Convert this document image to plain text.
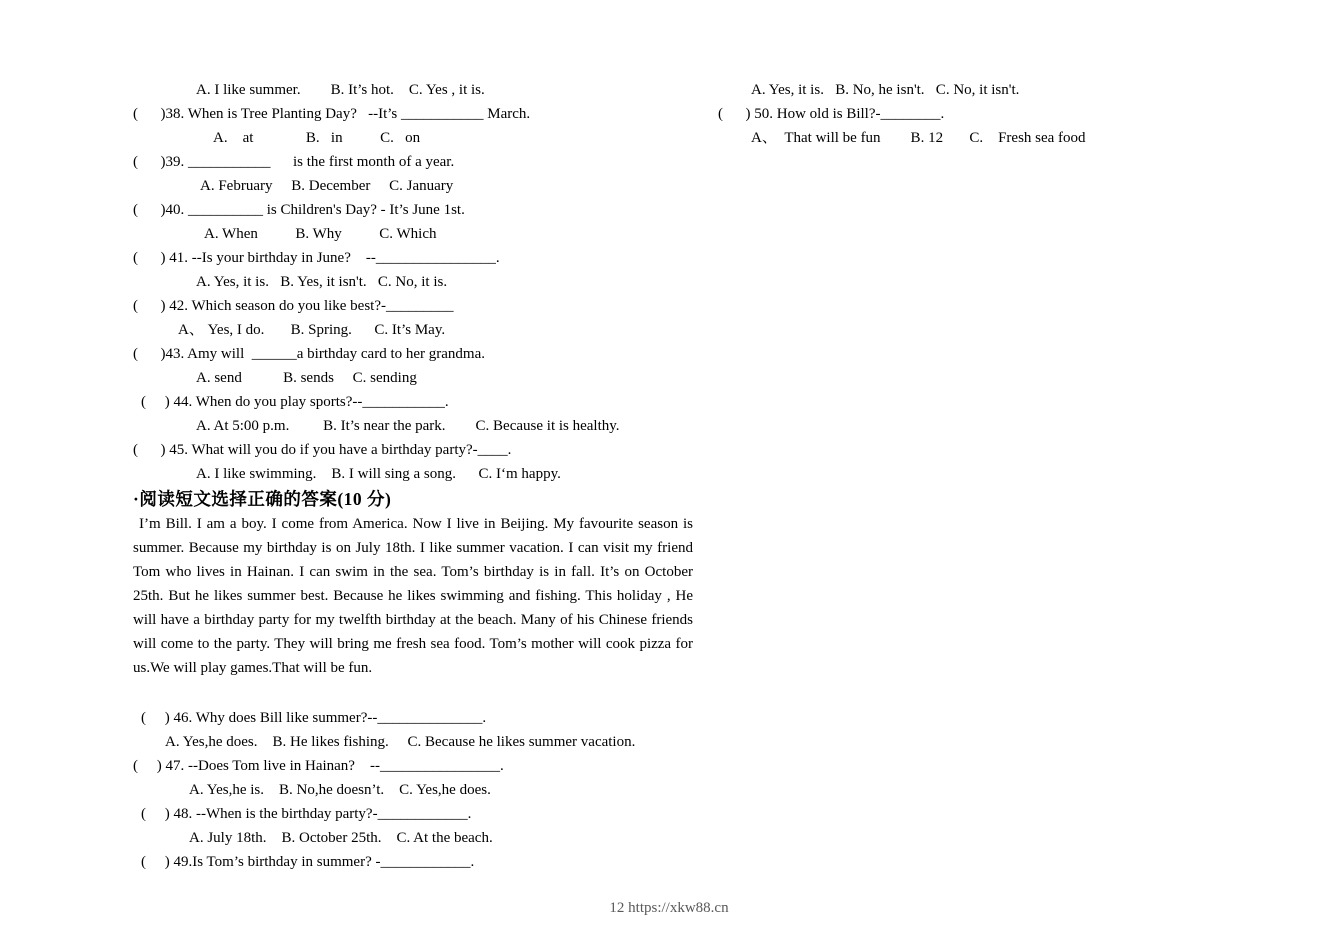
A. I like summer.        B. It’s hot.    C. Yes , it is.
(      )38. When is Tree Planting Day?   --It’s ___________ March.
A.    at              B.   in          C.   on
(      )39. ___________      is the first month of a year.
A. February     B. December     C. January
(      )40. __________ is Children's Day? - It’s June 1st.
A. When          B. Why          C. Which
(      ) 41. --Is your birthday in June?    --________________.
A. Yes, it is.   B. Yes, it isn't.   C. No, it is.
(      ) 42. Which season do you like best?-_________
A、 Yes, I do.       B. Spring.      C. It’s May.
(      )43. Amy will  ______a birthday card to her grandma.
A. send           B. sends     C. sending
(     ) 44. When do you play sports?--___________.
A. At 5:00 p.m.         B. It’s near the park.        C. Because it is healthy.
(      ) 45. What will you do if you have a birthday party?-____.
A. I like swimming.    B. I will sing a song.      C. I‘m happy.
·阅读短文选择正确的答案(10 分)
I’m Bill. I am a boy. I come from America. Now I live in Beijing. My favourite season is summer. Because my birthday is on July 18th. I like summer vacation. I can visit my friend Tom who lives in Hainan. I can swim in the sea. Tom’s birthday is in fall. It’s on October 25th. But he likes summer best. Because he likes swimming and fishing. This holiday , He will have a birthday party for my twelfth birthday at the beach. Many of his Chinese friends will come to the party. They will bring me fresh sea food. Tom’s mother will cook pizza for us.We will play games.That will be fun.
(     ) 46. Why does Bill like summer?--______________.
A. Yes,he does.    B. He likes fishing.     C. Because he likes summer vacation.
(     ) 47. --Does Tom live in Hainan?    --________________.
A. Yes,he is.    B. No,he doesn’t.    C. Yes,he does.
(     ) 48. --When is the birthday party?-____________.
A. July 18th.    B. October 25th.    C. At the beach.
(     ) 49.Is Tom’s birthday in summer? -____________.
A. Yes, it is.   B. No, he isn't.   C. No, it isn't.
(      ) 50. How old is Bill?-________.
A、  That will be fun        B. 12       C.    Fresh sea food
12 https://xkw88.cn
